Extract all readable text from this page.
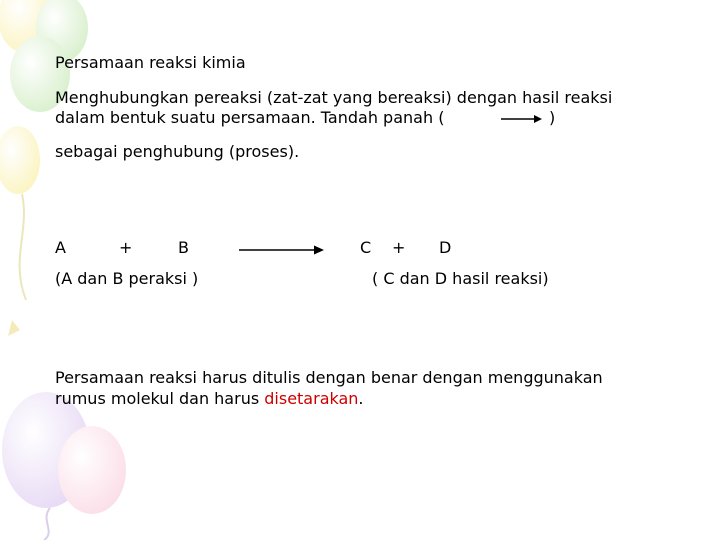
Persamaan reaksi kimia
Menghubungkan pereaksi (zat-zat yang bereaksi) dengan hasil reaksi
dalam bentuk suatu persamaan. Tandah panah (	)
sebagai penghubung (proses).
A	+	B	C + D
(A dan B peraksi )	( C dan D hasil reaksi)
Persamaan reaksi harus ditulis dengan benar dengan menggunakan
rumus molekul dan harus disetarakan.
